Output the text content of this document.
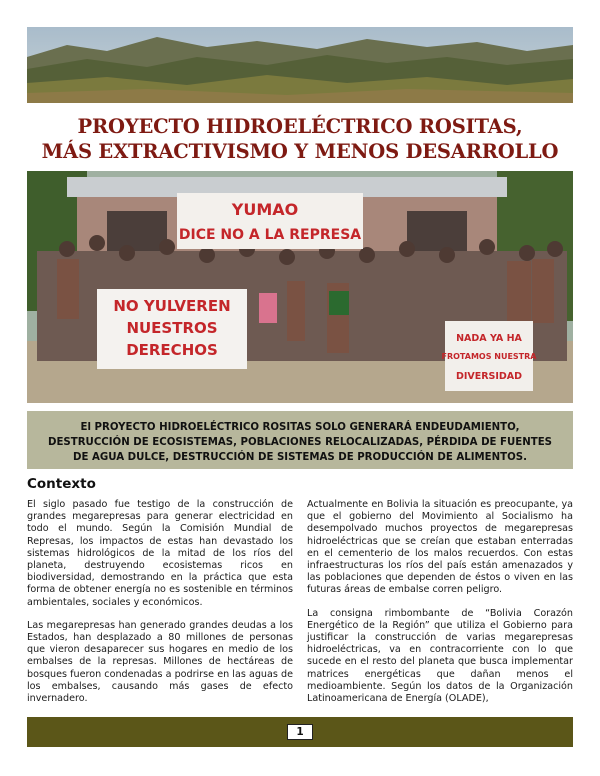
PROYECTO HIDROELÉCTRICO ROSITAS,
MÁS EXTRACTIVISMO Y MENOS DESARROLLO
YUMAO
DICE NO A LA REPRESA
NO YULVEREN
NUESTROS
DERECHOS
NADA YA HA
FROTAMOS NUESTRA
DIVERSIDAD
El PROYECTO HIDROELÉCTRICO ROSITAS SOLO GENERARÁ ENDEUDAMIENTO,
DESTRUCCIÓN DE ECOSISTEMAS, POBLACIONES RELOCALIZADAS, PÉRDIDA DE FUENTES
DE AGUA DULCE, DESTRUCCIÓN DE SISTEMAS DE PRODUCCIÓN DE ALIMENTOS.
Contexto

El siglo pasado fue testigo de la construcción de grandes megarepresas para generar electricidad en todo el mundo. Según la Comisión Mundial de Represas, los impactos de estas han devastado los sistemas hidrológicos de la mitad de los ríos del planeta, destruyendo ecosistemas ricos en biodiversidad, demostrando en la práctica que esta forma de obtener energía no es sostenible en términos ambientales, sociales y económicos.

Las megarepresas han generado grandes deudas a los Estados, han desplazado a 80 millones de personas que vieron desaparecer sus hogares en medio de los embalses de la represas. Millones de hectáreas de bosques fueron condenadas a podrirse en las aguas de los embalses, causando más gases de efecto invernadero.

Actualmente en Bolivia la situación es preocupante, ya que el gobierno del Movimiento al Socialismo ha desempolvado muchos proyectos de megarepresas hidroeléctricas que se creían que estaban enterradas en el cementerio de los malos recuerdos. Con estas infraestructuras los ríos del país están amenazados y las poblaciones que dependen de éstos o viven en las futuras áreas de embalse corren peligro.

La consigna rimbombante de “Bolivia Corazón Energético de la Región” que utiliza el Gobierno para justificar la construcción de varias megarepresas hidroeléctricas, va en contracorriente con lo que sucede en el resto del planeta que busca implementar matrices energéticas que dañan menos el medioambiente. Según los datos de la Organización Latinoamericana de Energía (OLADE),

1
